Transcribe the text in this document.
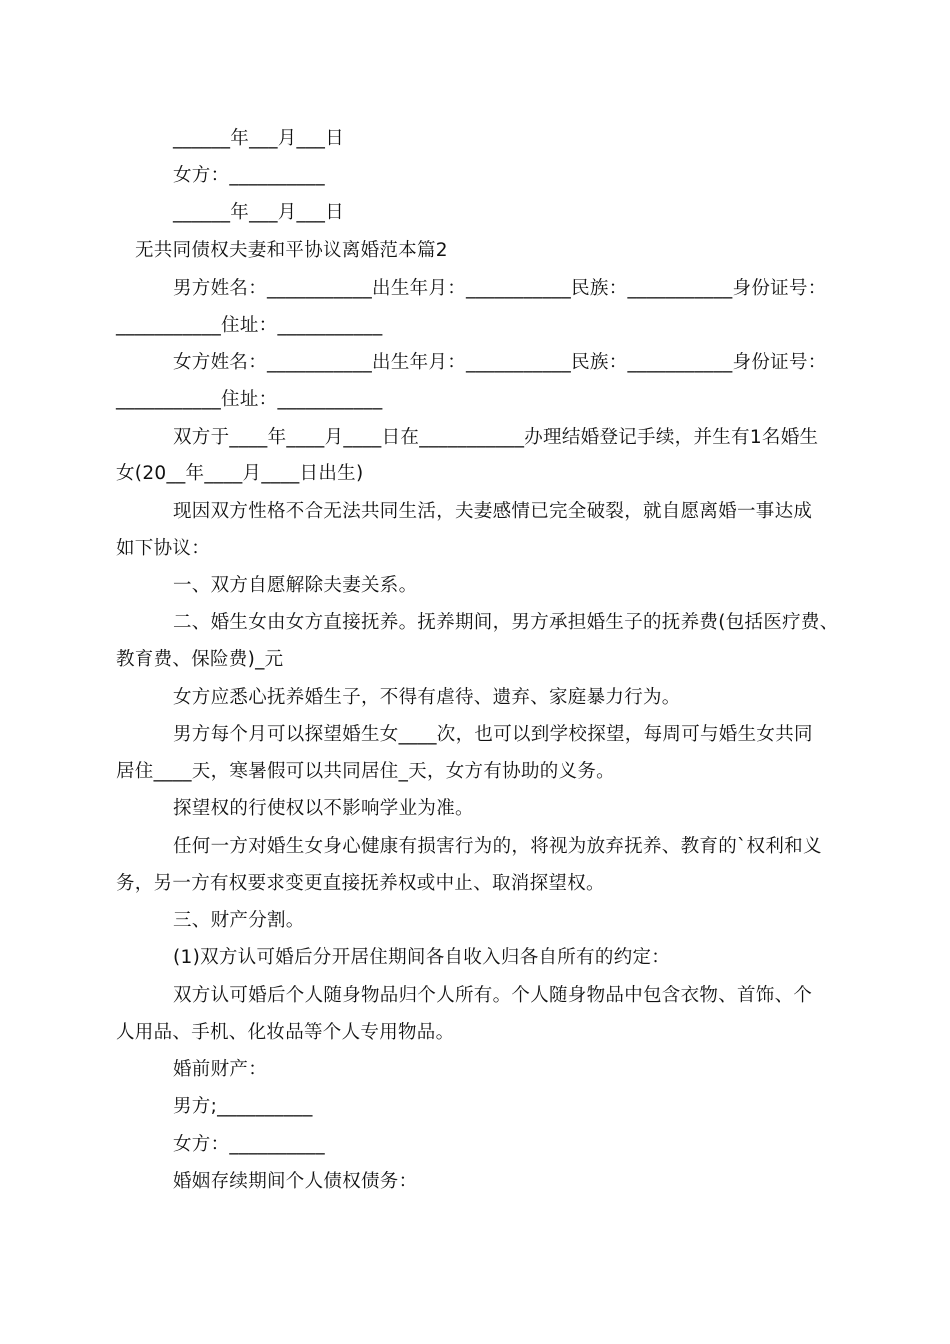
______年___月___日
女方：__________
______年___月___日
无共同债权夫妻和平协议离婚范本篇2
男方姓名：___________出生年月：___________民族：___________身份证号：
___________住址：___________
女方姓名：___________出生年月：___________民族：___________身份证号：
___________住址：___________
双方于____年____月____日在___________办理结婚登记手续，并生有1名婚生
女(20__年____月____日出生)
现因双方性格不合无法共同生活，夫妻感情已完全破裂，就自愿离婚一事达成
如下协议：
一、双方自愿解除夫妻关系。
二、婚生女由女方直接抚养。抚养期间，男方承担婚生子的抚养费(包括医疗费、
教育费、保险费)_元
女方应悉心抚养婚生子，不得有虐待、遗弃、家庭暴力行为。
男方每个月可以探望婚生女____次，也可以到学校探望，每周可与婚生女共同
居住____天，寒暑假可以共同居住_天，女方有协助的义务。
探望权的行使权以不影响学业为准。
任何一方对婚生女身心健康有损害行为的，将视为放弃抚养、教育的`权利和义
务，另一方有权要求变更直接抚养权或中止、取消探望权。
三、财产分割。
(1)双方认可婚后分开居住期间各自收入归各自所有的约定：
双方认可婚后个人随身物品归个人所有。个人随身物品中包含衣物、首饰、个
人用品、手机、化妆品等个人专用物品。
婚前财产：
男方;__________
女方：__________
婚姻存续期间个人债权债务：
